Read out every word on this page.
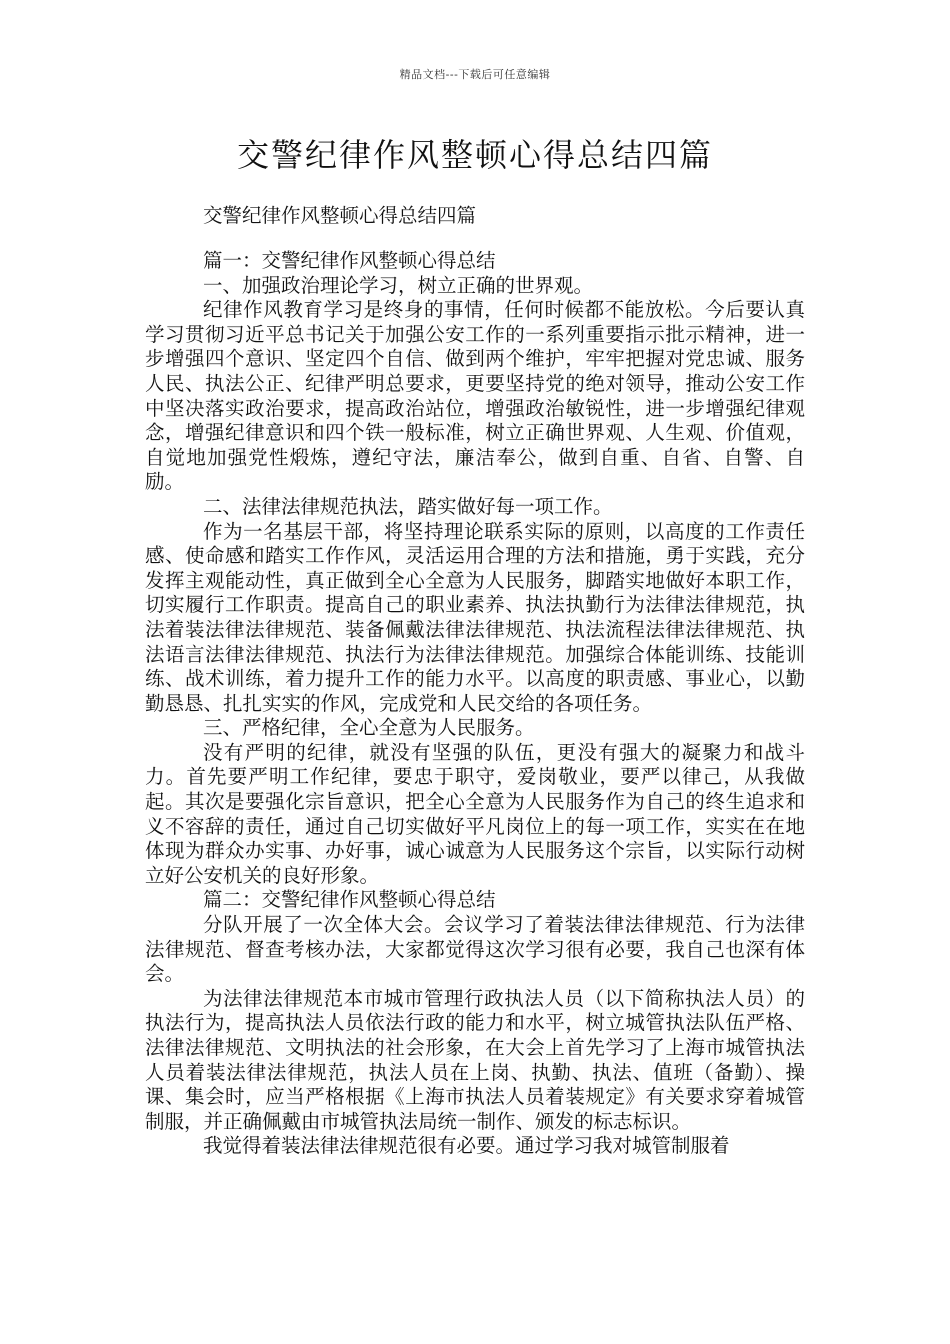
精品文档---下载后可任意编辑
交警纪律作风整顿心得总结四篇
交警纪律作风整顿心得总结四篇

篇一：交警纪律作风整顿心得总结

一、加强政治理论学习，树立正确的世界观。

纪律作风教育学习是终身的事情，任何时候都不能放松。今后要认真学习贯彻习近平总书记关于加强公安工作的一系列重要指示批示精神，进一步增强四个意识、坚定四个自信、做到两个维护，牢牢把握对党忠诚、服务人民、执法公正、纪律严明总要求，更要坚持党的绝对领导，推动公安工作中坚决落实政治要求，提高政治站位，增强政治敏锐性，进一步增强纪律观念，增强纪律意识和四个铁一般标准，树立正确世界观、人生观、价值观，自觉地加强党性煅炼，遵纪守法，廉洁奉公，做到自重、自省、自警、自励。

二、法律法律规范执法，踏实做好每一项工作。

作为一名基层干部，将坚持理论联系实际的原则，以高度的工作责任感、使命感和踏实工作作风，灵活运用合理的方法和措施，勇于实践，充分发挥主观能动性，真正做到全心全意为人民服务，脚踏实地做好本职工作，切实履行工作职责。提高自己的职业素养、执法执勤行为法律法律规范，执法着装法律法律规范、装备佩戴法律法律规范、执法流程法律法律规范、执法语言法律法律规范、执法行为法律法律规范。加强综合体能训练、技能训练、战术训练，着力提升工作的能力水平。以高度的职责感、事业心，以勤勤恳恳、扎扎实实的作风，完成党和人民交给的各项任务。

三、严格纪律，全心全意为人民服务。

没有严明的纪律，就没有坚强的队伍，更没有强大的凝聚力和战斗力。首先要严明工作纪律，要忠于职守，爱岗敬业，要严以律己，从我做起。其次是要强化宗旨意识，把全心全意为人民服务作为自己的终生追求和义不容辞的责任，通过自己切实做好平凡岗位上的每一项工作，实实在在地体现为群众办实事、办好事，诚心诚意为人民服务这个宗旨，以实际行动树立好公安机关的良好形象。

篇二：交警纪律作风整顿心得总结

分队开展了一次全体大会。会议学习了着装法律法律规范、行为法律法律规范、督查考核办法，大家都觉得这次学习很有必要，我自己也深有体会。

为法律法律规范本市城市管理行政执法人员（以下简称执法人员）的执法行为，提高执法人员依法行政的能力和水平，树立城管执法队伍严格、法律法律规范、文明执法的社会形象，在大会上首先学习了上海市城管执法人员着装法律法律规范，执法人员在上岗、执勤、执法、值班（备勤）、操课、集会时，应当严格根据《上海市执法人员着装规定》有关要求穿着城管制服，并正确佩戴由市城管执法局统一制作、颁发的标志标识。

我觉得着装法律法律规范很有必要。通过学习我对城管制服着
